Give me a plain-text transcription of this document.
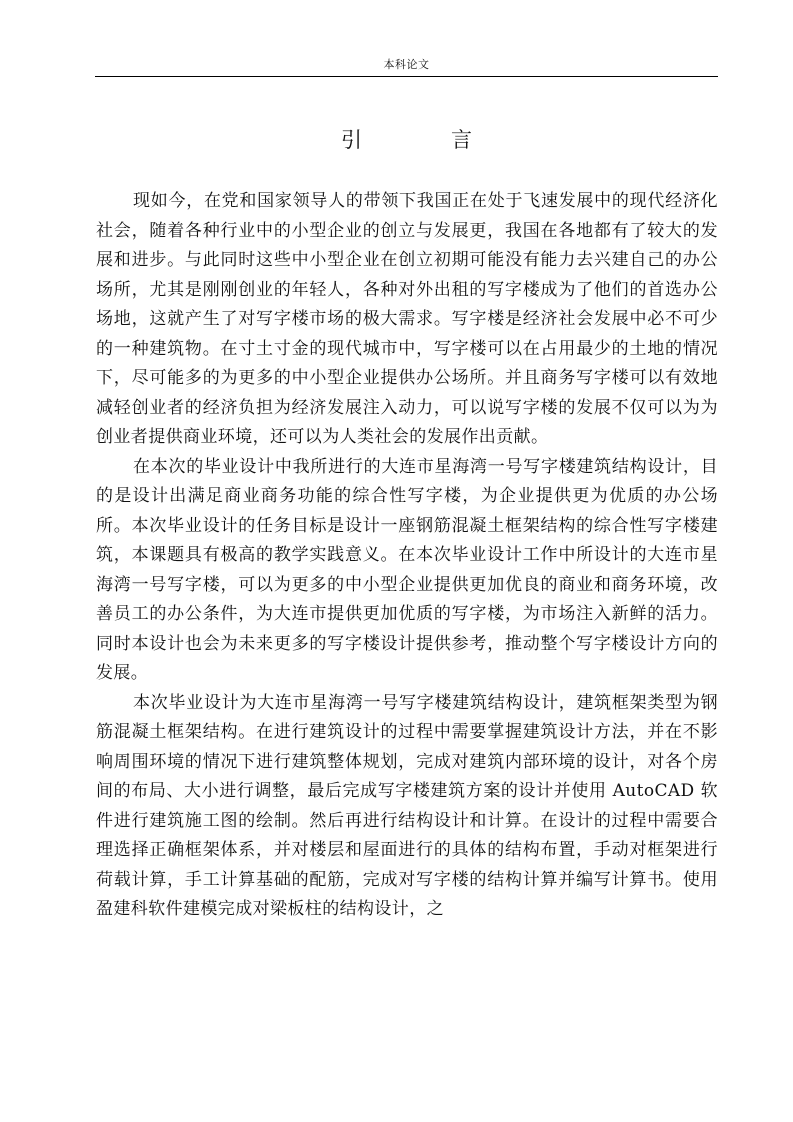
本科论文
引　言

现如今，在党和国家领导人的带领下我国正在处于飞速发展中的现代经济化社会，随着各种行业中的小型企业的创立与发展更，我国在各地都有了较大的发展和进步。与此同时这些中小型企业在创立初期可能没有能力去兴建自己的办公场所，尤其是刚刚创业的年轻人，各种对外出租的写字楼成为了他们的首选办公场地，这就产生了对写字楼市场的极大需求。写字楼是经济社会发展中必不可少的一种建筑物。在寸土寸金的现代城市中，写字楼可以在占用最少的土地的情况下，尽可能多的为更多的中小型企业提供办公场所。并且商务写字楼可以有效地减轻创业者的经济负担为经济发展注入动力，可以说写字楼的发展不仅可以为为创业者提供商业环境，还可以为人类社会的发展作出贡献。

在本次的毕业设计中我所进行的大连市星海湾一号写字楼建筑结构设计，目的是设计出满足商业商务功能的综合性写字楼，为企业提供更为优质的办公场所。本次毕业设计的任务目标是设计一座钢筋混凝土框架结构的综合性写字楼建筑，本课题具有极高的教学实践意义。在本次毕业设计工作中所设计的大连市星海湾一号写字楼，可以为更多的中小型企业提供更加优良的商业和商务环境，改善员工的办公条件，为大连市提供更加优质的写字楼，为市场注入新鲜的活力。同时本设计也会为未来更多的写字楼设计提供参考，推动整个写字楼设计方向的发展。

本次毕业设计为大连市星海湾一号写字楼建筑结构设计，建筑框架类型为钢筋混凝土框架结构。在进行建筑设计的过程中需要掌握建筑设计方法，并在不影响周围环境的情况下进行建筑整体规划，完成对建筑内部环境的设计，对各个房间的布局、大小进行调整，最后完成写字楼建筑方案的设计并使用 AutoCAD 软件进行建筑施工图的绘制。然后再进行结构设计和计算。在设计的过程中需要合理选择正确框架体系，并对楼层和屋面进行的具体的结构布置，手动对框架进行荷载计算，手工计算基础的配筋，完成对写字楼的结构计算并编写计算书。使用盈建科软件建模完成对梁板柱的结构设计，之
